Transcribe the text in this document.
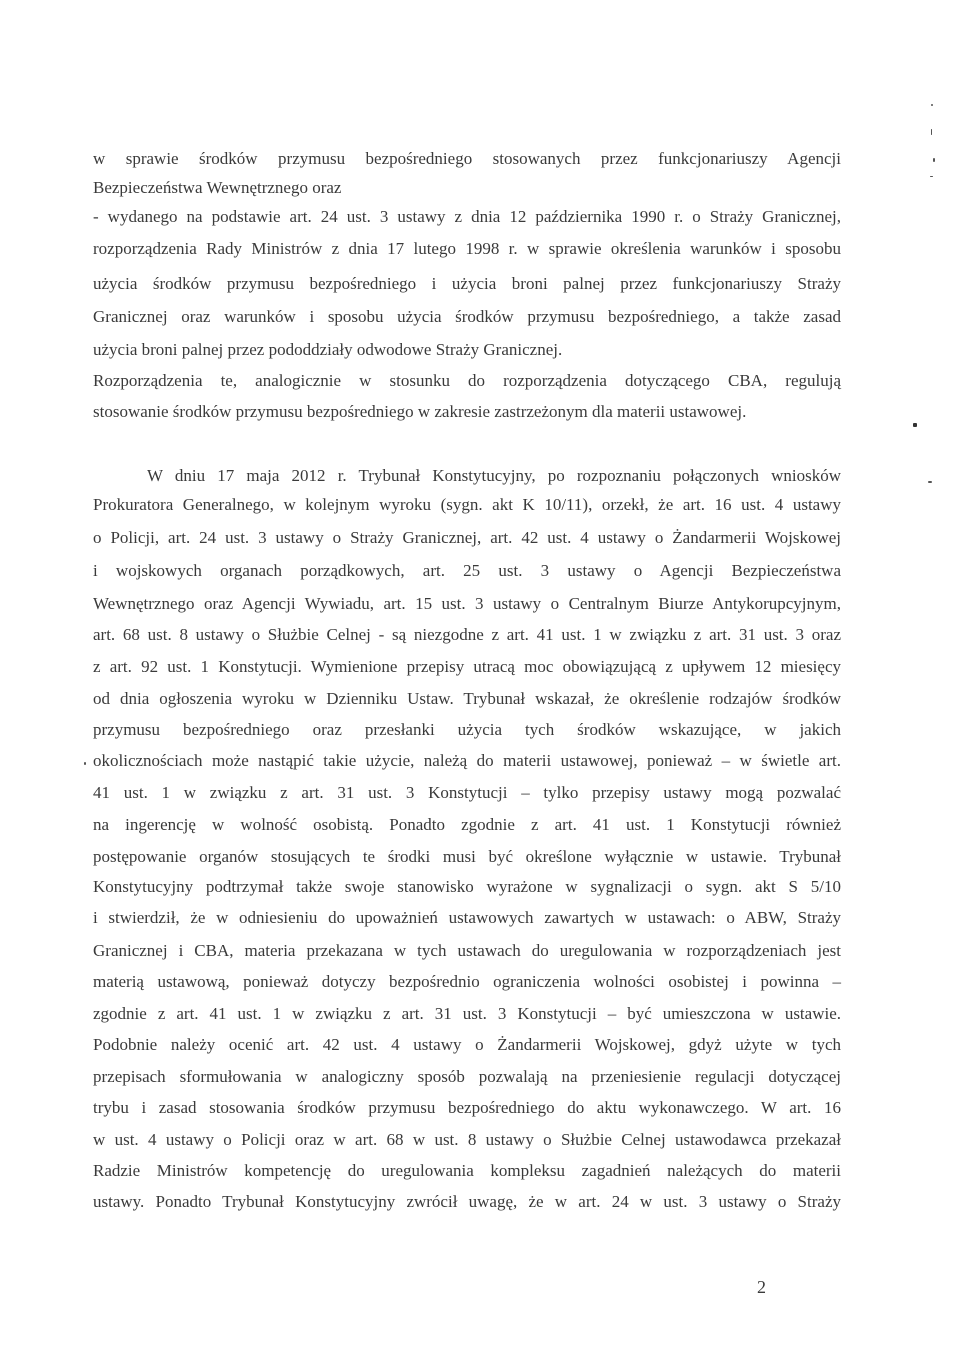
w sprawie środków przymusu bezpośredniego stosowanych przez funkcjonariuszy Agencji
Bezpieczeństwa Wewnętrznego oraz
- wydanego na podstawie art. 24 ust. 3 ustawy z dnia 12 października 1990 r. o Straży Granicznej,
rozporządzenia Rady Ministrów z dnia 17 lutego 1998 r. w sprawie określenia warunków i sposobu
użycia środków przymusu bezpośredniego i użycia broni palnej przez funkcjonariuszy Straży
Granicznej oraz warunków i sposobu użycia środków przymusu bezpośredniego, a także zasad
użycia broni palnej przez pododdziały odwodowe Straży Granicznej.
Rozporządzenia te, analogicznie w stosunku do rozporządzenia dotyczącego CBA, regulują
stosowanie środków przymusu bezpośredniego w zakresie zastrzeżonym dla materii ustawowej.
W dniu 17 maja 2012 r. Trybunał Konstytucyjny, po rozpoznaniu połączonych wniosków
Prokuratora Generalnego, w kolejnym wyroku (sygn. akt K 10/11), orzekł, że art. 16 ust. 4 ustawy
o Policji, art. 24 ust. 3 ustawy o Straży Granicznej, art. 42 ust. 4 ustawy o Żandarmerii Wojskowej
i wojskowych organach porządkowych, art. 25 ust. 3 ustawy o Agencji Bezpieczeństwa
Wewnętrznego oraz Agencji Wywiadu, art. 15 ust. 3 ustawy o Centralnym Biurze Antykorupcyjnym,
art. 68 ust. 8 ustawy o Służbie Celnej - są niezgodne z art. 41 ust. 1 w związku z art. 31 ust. 3 oraz
z art. 92 ust. 1 Konstytucji. Wymienione przepisy utracą moc obowiązującą z upływem 12 miesięcy
od dnia ogłoszenia wyroku w Dzienniku Ustaw. Trybunał wskazał, że określenie rodzajów środków
przymusu bezpośredniego oraz przesłanki użycia tych środków wskazujące, w jakich
okolicznościach może nastąpić takie użycie, należą do materii ustawowej, ponieważ – w świetle art.
41 ust. 1 w związku z art. 31 ust. 3 Konstytucji – tylko przepisy ustawy mogą pozwalać
na ingerencję w wolność osobistą. Ponadto zgodnie z art. 41 ust. 1 Konstytucji również
postępowanie organów stosujących te środki musi być określone wyłącznie w ustawie. Trybunał
Konstytucyjny podtrzymał także swoje stanowisko wyrażone w sygnalizacji o sygn. akt S 5/10
i stwierdził, że w odniesieniu do upoważnień ustawowych zawartych w ustawach: o ABW, Straży
Granicznej i CBA, materia przekazana w tych ustawach do uregulowania w rozporządzeniach jest
materią ustawową, ponieważ dotyczy bezpośrednio ograniczenia wolności osobistej i powinna –
zgodnie z art. 41 ust. 1 w związku z art. 31 ust. 3 Konstytucji – być umieszczona w ustawie.
Podobnie należy ocenić art. 42 ust. 4 ustawy o Żandarmerii Wojskowej, gdyż użyte w tych
przepisach sformułowania w analogiczny sposób pozwalają na przeniesienie regulacji dotyczącej
trybu i zasad stosowania środków przymusu bezpośredniego do aktu wykonawczego. W art. 16
w ust. 4 ustawy o Policji oraz w art. 68 w ust. 8 ustawy o Służbie Celnej ustawodawca przekazał
Radzie Ministrów kompetencję do uregulowania kompleksu zagadnień należących do materii
ustawy. Ponadto Trybunał Konstytucyjny zwrócił uwagę, że w art. 24 w ust. 3 ustawy o Straży
2
